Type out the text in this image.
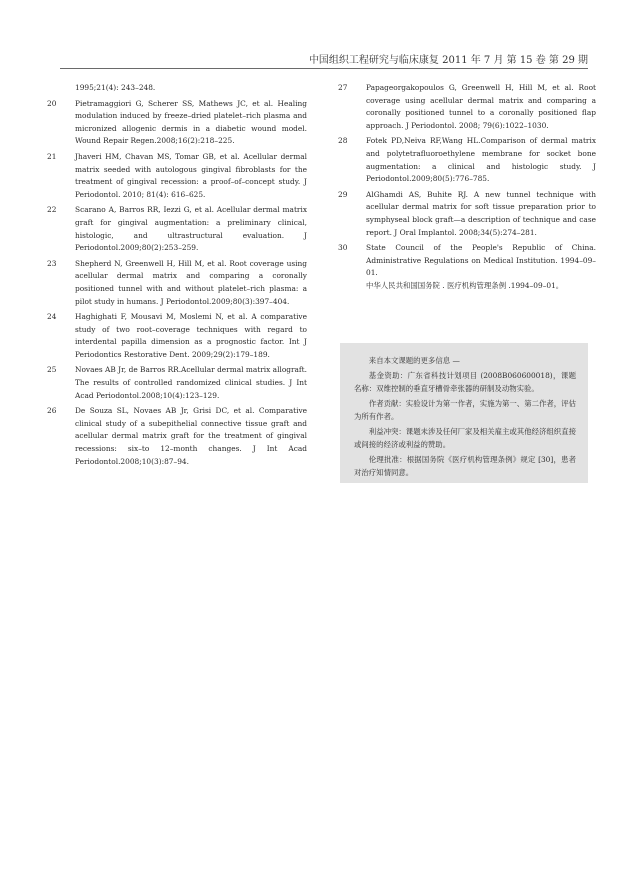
中国组织工程研究与临床康复 2011 年 7 月 第 15 卷 第 29 期
1995;21(4): 243–248.
20	Pietramaggiori G, Scherer SS, Mathews JC, et al. Healing modulation induced by freeze–dried platelet–rich plasma and micronized allogenic dermis in a diabetic wound model. Wound Repair Regen.2008;16(2):218–225.
21	Jhaveri HM, Chavan MS, Tomar GB, et al. Acellular dermal matrix seeded with autologous gingival fibroblasts for the treatment of gingival recession: a proof–of–concept study. J Periodontol. 2010; 81(4): 616–625.
22	Scarano A, Barros RR, Iezzi G, et al. Acellular dermal matrix graft for gingival augmentation: a preliminary clinical, histologic, and ultrastructural evaluation. J Periodontol.2009;80(2):253–259.
23	Shepherd N, Greenwell H, Hill M, et al. Root coverage using acellular dermal matrix and comparing a coronally positioned tunnel with and without platelet–rich plasma: a pilot study in humans. J Periodontol.2009;80(3):397–404.
24	Haghighati F, Mousavi M, Moslemi N, et al. A comparative study of two root–coverage techniques with regard to interdental papilla dimension as a prognostic factor. Int J Periodontics Restorative Dent. 2009;29(2):179–189.
25	Novaes AB Jr, de Barros RR.Acellular dermal matrix allograft. The results of controlled randomized clinical studies. J Int Acad Periodontol.2008;10(4):123–129.
26	De Souza SL, Novaes AB Jr, Grisi DC, et al. Comparative clinical study of a subepithelial connective tissue graft and acellular dermal matrix graft for the treatment of gingival recessions: six–to 12–month changes. J Int Acad Periodontol.2008;10(3):87–94.
27	Papageorgakopoulos G, Greenwell H, Hill M, et al. Root coverage using acellular dermal matrix and comparing a coronally positioned tunnel to a coronally positioned flap approach. J Periodontol. 2008; 79(6):1022–1030.
28	Fotek PD,Neiva RF,Wang HL.Comparison of dermal matrix and polytetrafluoroethylene membrane for socket bone augmentation: a clinical and histologic study. J Periodontol.2009;80(5):776–785.
29	AlGhamdi AS, Buhite RJ. A new tunnel technique with acellular dermal matrix for soft tissue preparation prior to symphyseal block graft—a description of technique and case report. J Oral Implantol. 2008;34(5):274–281.
30	State Council of the People's Republic of China. Administrative Regulations on Medical Institution. 1994–09–01.
中华人民共和国国务院 . 医疗机构管理条例 .1994–09–01。

来自本文课题的更多信息 —

基金资助：广东省科技计划项目 (2008B060600018)，课题名称：双维控制的垂直牙槽骨牵张器的研制及动物实验。

作者贡献：实验设计为第一作者，实施为第一、第二作者，评估为所有作者。

利益冲突：课题未涉及任何厂家及相关雇主或其他经济组织直接或间接的经济或利益的赞助。

伦理批准：根据国务院《医疗机构管理条例》规定 [30]，患者对治疗知情同意。
